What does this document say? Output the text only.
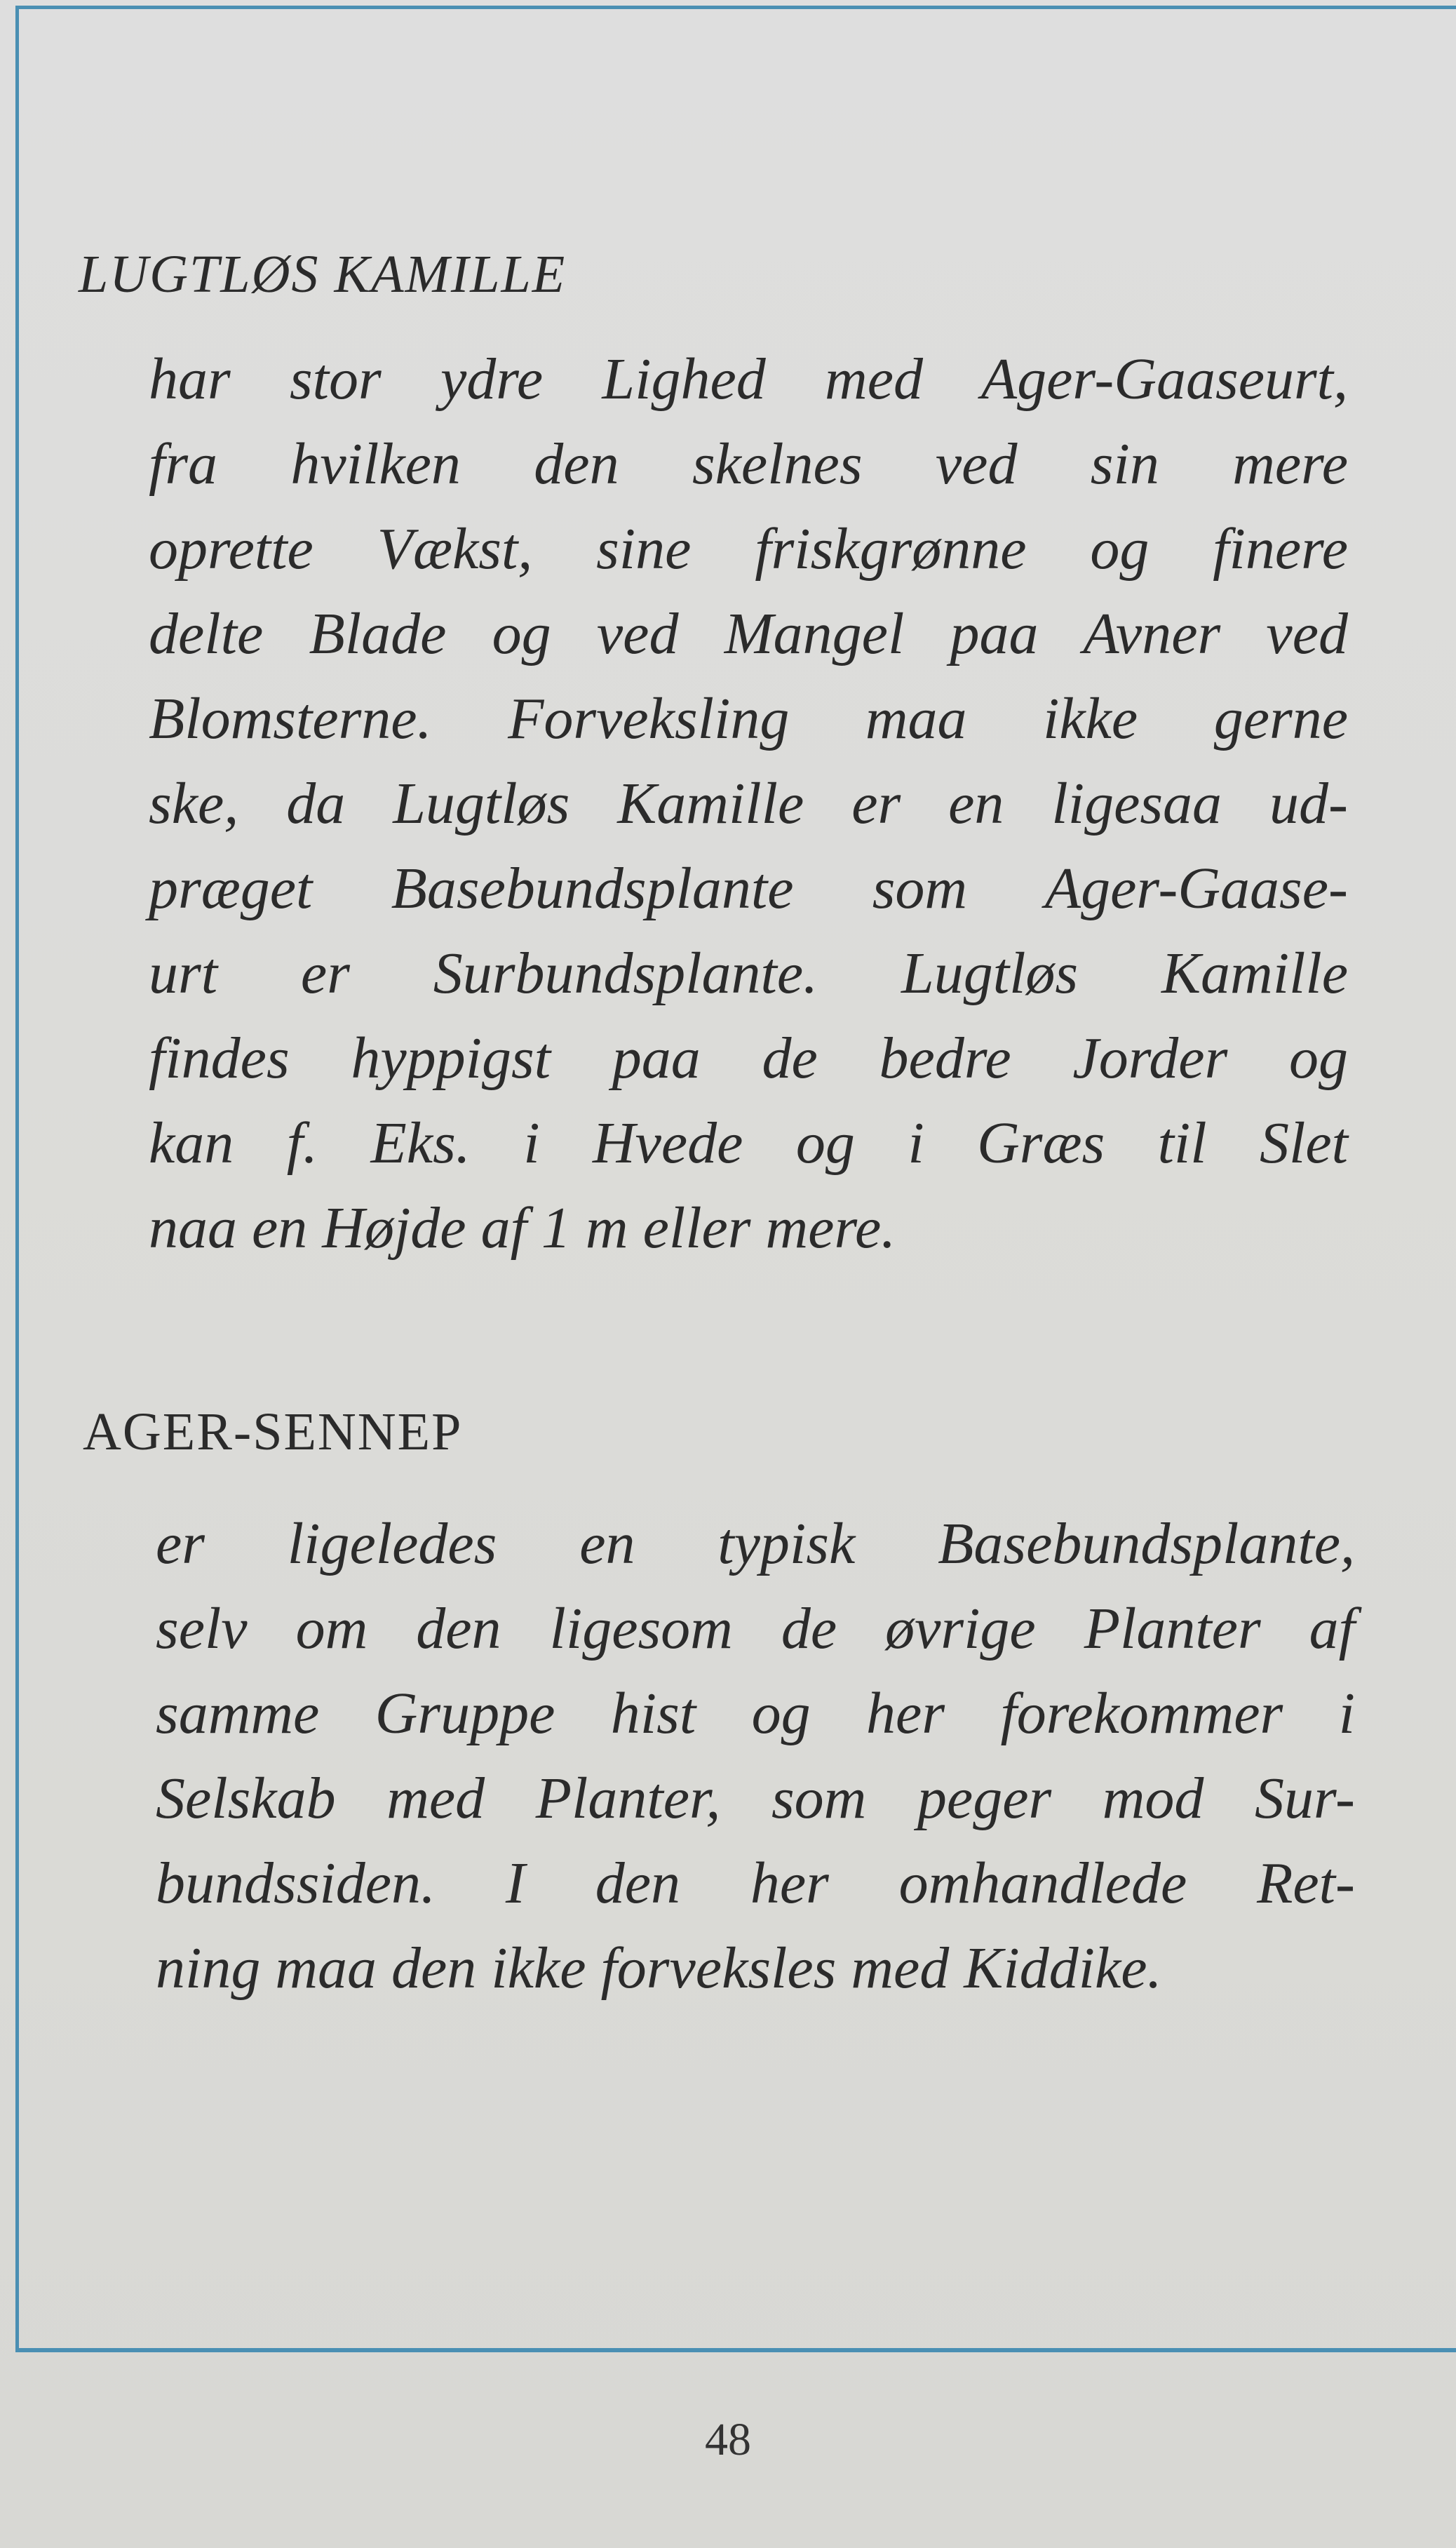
LUGTLØS KAMILLE
har stor ydre Lighed med Ager-Gaaseurt,
fra hvilken den skelnes ved sin mere
oprette Vækst, sine friskgrønne og finere
delte Blade og ved Mangel paa Avner ved
Blomsterne. Forveksling maa ikke gerne
ske, da Lugtløs Kamille er en ligesaa ud-
præget Basebundsplante som Ager-Gaase-
urt er Surbundsplante. Lugtløs Kamille
findes hyppigst paa de bedre Jorder og
kan f. Eks. i Hvede og i Græs til Slet
naa en Højde af 1 m eller mere.
AGER-SENNEP
er ligeledes en typisk Basebundsplante,
selv om den ligesom de øvrige Planter af
samme Gruppe hist og her forekommer i
Selskab med Planter, som peger mod Sur-
bundssiden. I den her omhandlede Ret-
ning maa den ikke forveksles med Kiddike.
48
